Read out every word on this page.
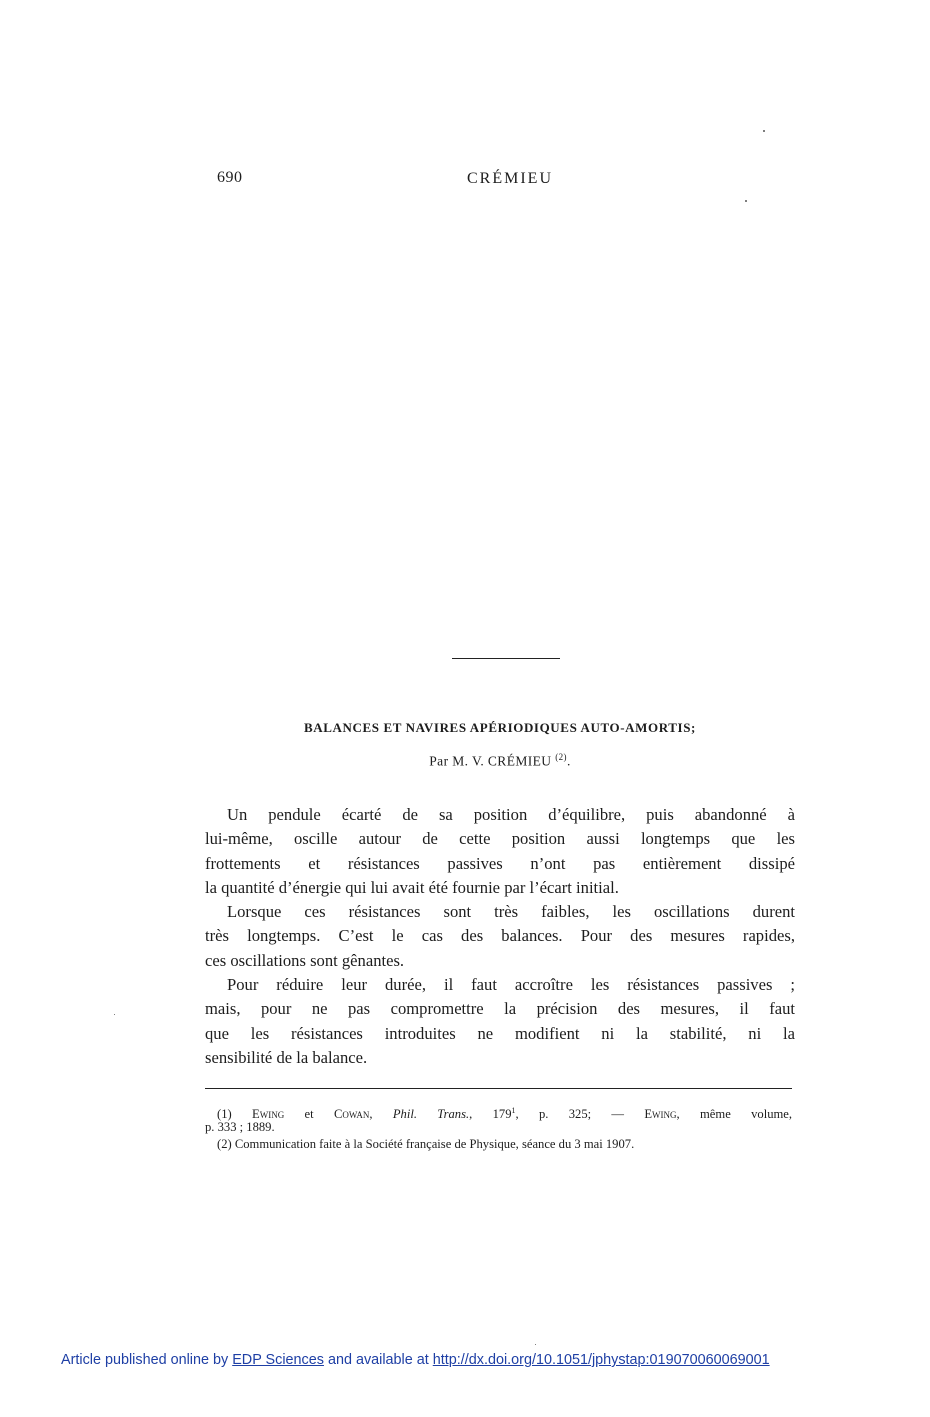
690	CRÉMIEU
BALANCES ET NAVIRES APÉRIODIQUES AUTO-AMORTIS;
Par M. V. CRÉMIEU $^{(2)}$.
Un pendule écarté de sa position d’équilibre, puis abandonné à
lui-même, oscille autour de cette position aussi longtemps que les
frottements et résistances passives n’ont pas entièrement dissipé
la quantité d’énergie qui lui avait été fournie par l’écart initial.
Lorsque ces résistances sont très faibles, les oscillations durent
très longtemps. C’est le cas des balances. Pour des mesures rapides,
ces oscillations sont gênantes.
Pour réduire leur durée, il faut accroître les résistances passives ;
mais, pour ne pas compromettre la précision des mesures, il faut
que les résistances introduites ne modifient ni la stabilité, ni la
sensibilité de la balance.
(1) Ewing et Cowan, Phil. Trans., $179^1$, p. 325; — Ewing, même volume,
p. 333 ; 1889.
(2) Communication faite à la Société française de Physique, séance du 3 mai 1907.
Article published online by EDP Sciences and available at http://dx.doi.org/10.1051/jphystap:019070060069001
